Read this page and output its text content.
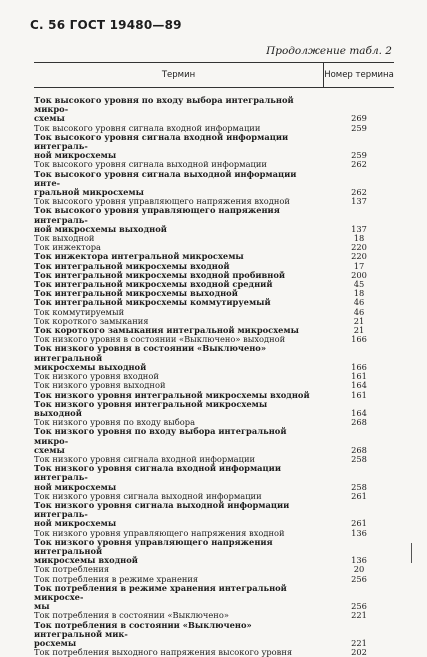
С. 56 ГОСТ 19480—89
Продолжение табл. 2
Термин	Номер термина
Ток высокого уровня по входу выбора интегральной микро-
схемы	269
Ток высокого уровня сигнала входной информации	259
Ток высокого уровня сигнала входной информации интеграль-
ной микросхемы	259
Ток высокого уровня сигнала выходной информации	262
Ток высокого уровня сигнала выходной информации инте-
гральной микросхемы	262
Ток высокого уровня управляющего напряжения входной	137
Ток высокого уровня управляющего напряжения интеграль-
ной микросхемы выходной	137
Ток выходной	18
Ток инжектора	220
Ток инжектора интегральной микросхемы	220
Ток интегральной микросхемы входной	17
Ток интегральной микросхемы входной пробивной	200
Ток интегральной микросхемы входной средний	45
Ток интегральной микросхемы выходной	18
Ток интегральной микросхемы коммутируемый	46
Ток коммутируемый	46
Ток короткого замыкания	21
Ток короткого замыкания интегральной микросхемы	21
Ток низкого уровня в состоянии «Выключено» выходной	166
Ток низкого уровня в состоянии «Выключено» интегральной
микросхемы выходной	166
Ток низкого уровня входной	161
Ток низкого уровня выходной	164
Ток низкого уровня интегральной микросхемы входной	161
Ток низкого уровня интегральной микросхемы выходной	164
Ток низкого уровня по входу выбора	268
Ток низкого уровня по входу выбора интегральной микро-
схемы	268
Ток низкого уровня сигнала входной информации	258
Ток низкого уровня сигнала входной информации интеграль-
ной микросхемы	258
Ток низкого уровня сигнала выходной информации	261
Ток низкого уровня сигнала выходной информации интеграль-
ной микросхемы	261
Ток низкого уровня управляющего напряжения входной	136
Ток низкого уровня управляющего напряжения интегральной
микросхемы входной	136
Ток потребления	20
Ток потребления в режиме хранения	256
Ток потребления в режиме хранения интегральной микросхе-
мы	256
Ток потребления в состоянии «Выключено»	221
Ток потребления в состоянии «Выключено» интегральной мик-
росхемы	221
Ток потребления выходного напряжения высокого уровня	202
